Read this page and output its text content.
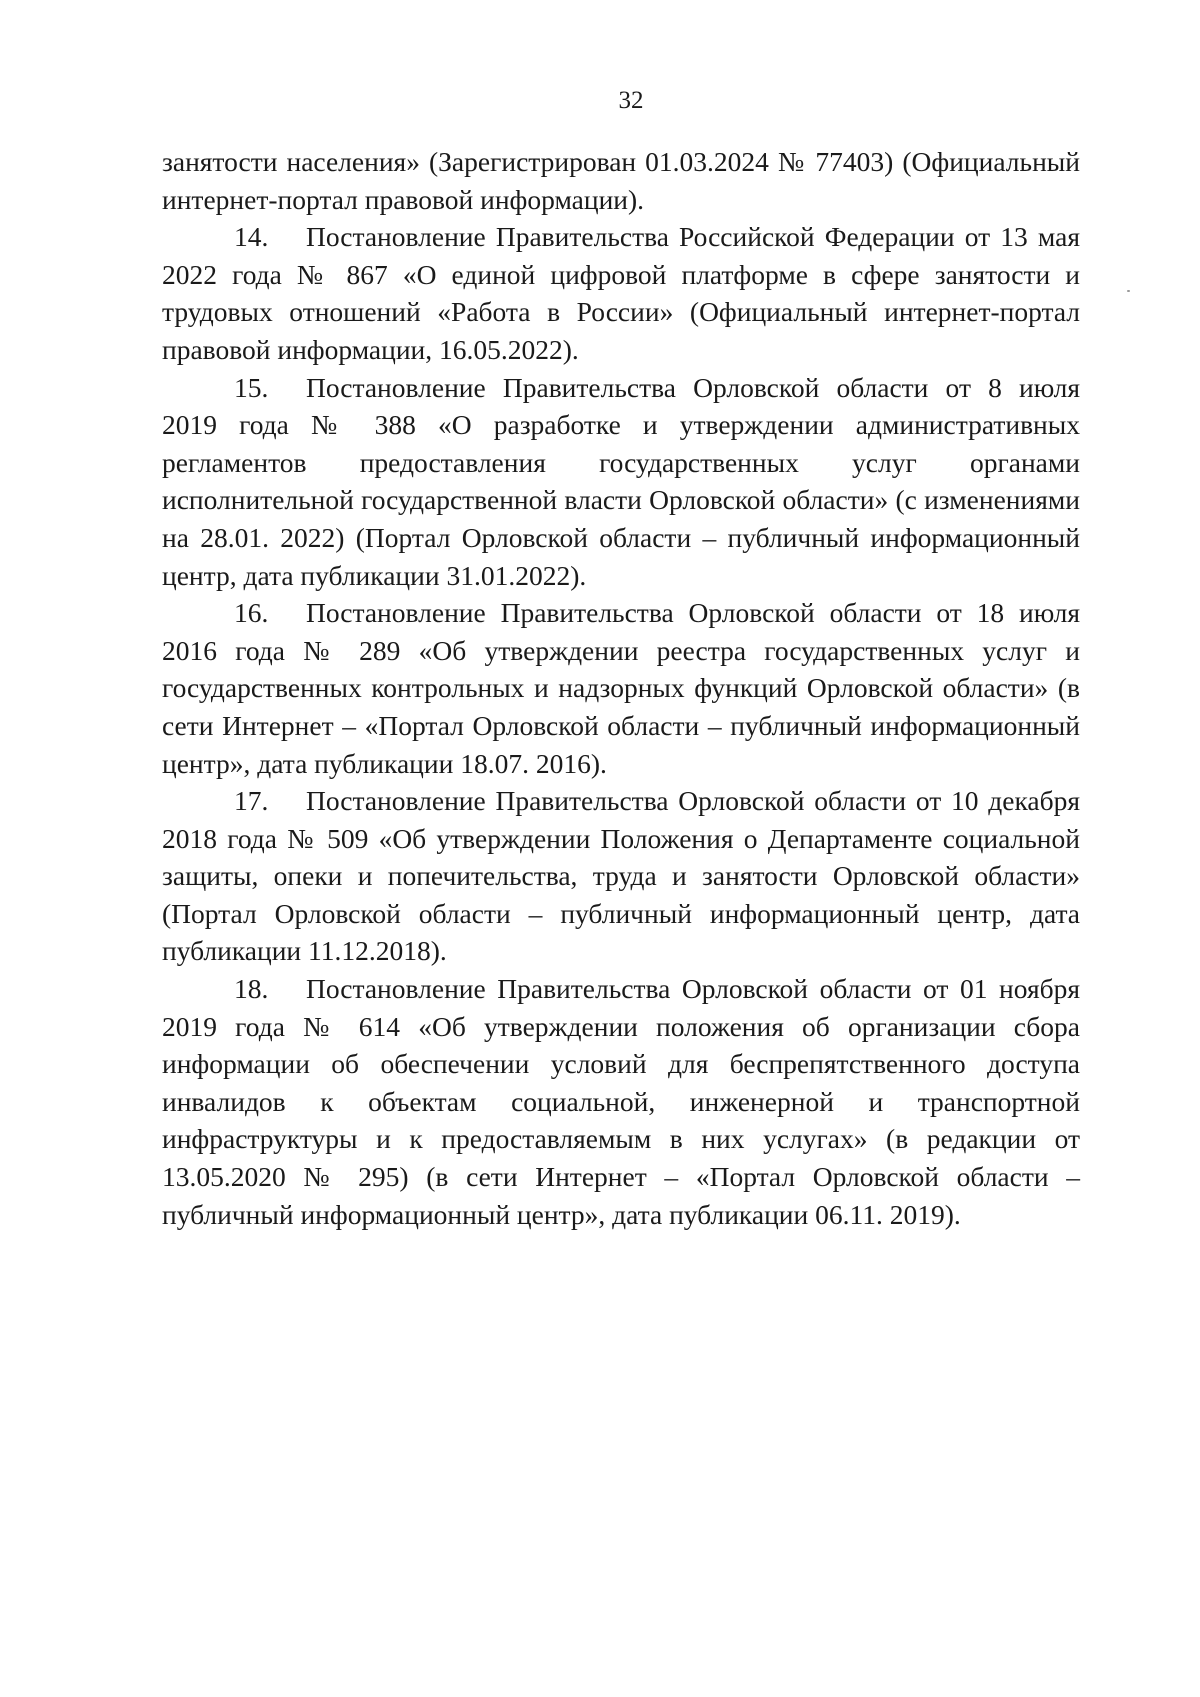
32

занятости населения» (Зарегистрирован 01.03.2024 № 77403) (Официальный интернет-портал правовой информации).

14. Постановление Правительства Российской Федерации от 13 мая 2022 года № 867 «О единой цифровой платформе в сфере занятости и трудовых отношений «Работа в России» (Официальный интернет-портал правовой информации, 16.05.2022).

15. Постановление Правительства Орловской области от 8 июля 2019 года № 388 «О разработке и утверждении административных регламентов предоставления государственных услуг органами исполнительной государственной власти Орловской области» (с изменениями на 28.01. 2022) (Портал Орловской области – публичный информационный центр, дата публикации 31.01.2022).

16. Постановление Правительства Орловской области от 18 июля 2016 года № 289 «Об утверждении реестра государственных услуг и государственных контрольных и надзорных функций Орловской области» (в сети Интернет – «Портал Орловской области – публичный информационный центр», дата публикации 18.07. 2016).

17. Постановление Правительства Орловской области от 10 декабря 2018 года № 509 «Об утверждении Положения о Департаменте социальной защиты, опеки и попечительства, труда и занятости Орловской области» (Портал Орловской области – публичный информационный центр, дата публикации 11.12.2018).

18. Постановление Правительства Орловской области от 01 ноября 2019 года № 614 «Об утверждении положения об организации сбора информации об обеспечении условий для беспрепятственного доступа инвалидов к объектам социальной, инженерной и транспортной инфраструктуры и к предоставляемым в них услугах» (в редакции от 13.05.2020 № 295) (в сети Интернет – «Портал Орловской области – публичный информационный центр», дата публикации 06.11. 2019).
